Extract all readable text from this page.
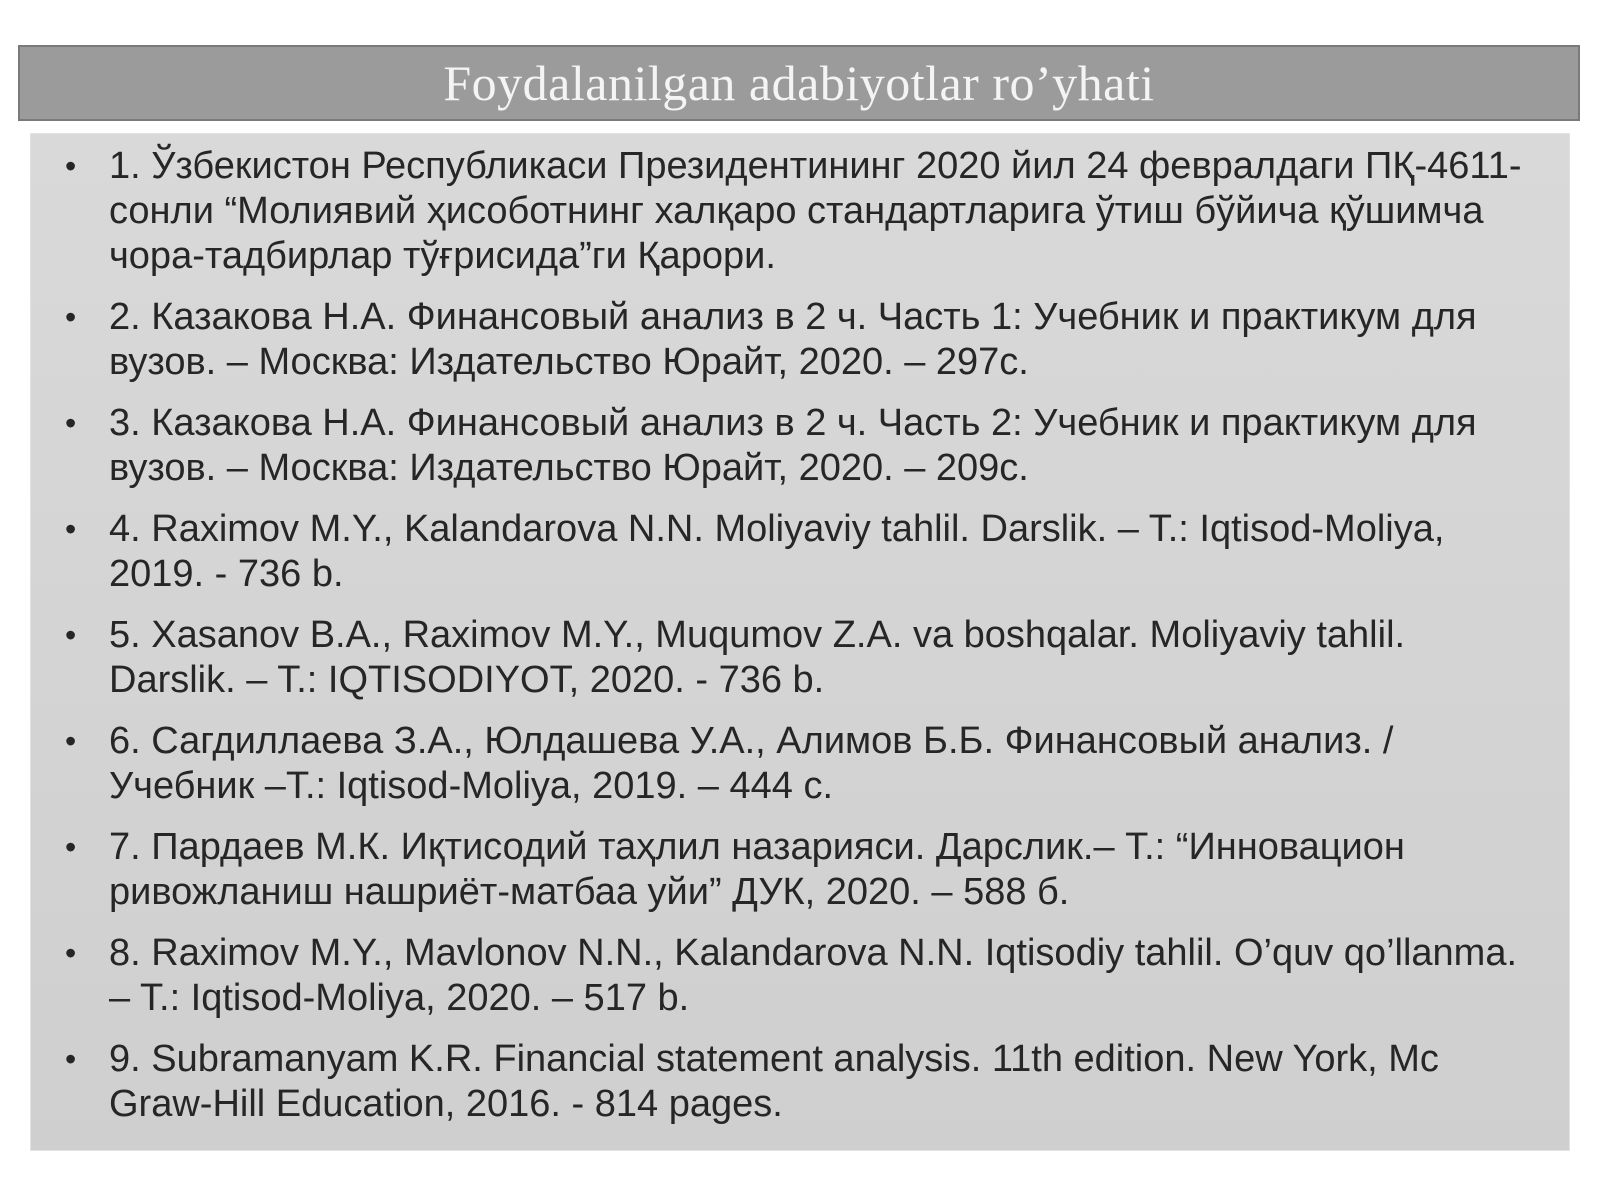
Foydalanilgan adabiyotlar ro’yhati
• 1. Ўзбекистон Республикаси Президентининг 2020 йил 24 февралдаги ПҚ-4611-сонли “Молиявий ҳисоботнинг халқаро стандартларига ўтиш бўйича қўшимча чора-тадбирлар тўғрисида”ги Қарори.
• 2. Казакова Н.А. Финансовый анализ в 2 ч. Часть 1: Учебник и практикум для вузов. – Москва: Издательство Юрайт, 2020. – 297с.
• 3. Казакова Н.А. Финансовый анализ в 2 ч. Часть 2: Учебник и практикум для вузов. – Москва: Издательство Юрайт, 2020. – 209с.
• 4. Raximov M.Y., Kalandarova N.N. Moliyaviy tahlil. Darslik. – T.: Iqtisod-Moliya, 2019. - 736 b.
• 5. Xasanov B.A., Raximov M.Y., Muqumov Z.A. va boshqalar. Moliyaviy tahlil. Darslik. – T.: IQTISODIYOT, 2020. - 736 b.
• 6. Сагдиллаева З.А., Юлдашева У.А., Алимов Б.Б. Финансовый анализ. / Учебник –Т.: Iqtisod-Moliya, 2019. – 444 с.
• 7. Пардаев М.К. Иқтисодий таҳлил назарияси. Дарслик.– Т.: “Инновацион ривожланиш нашриёт-матбаа уйи” ДУК, 2020. – 588 б.
• 8. Raximov M.Y., Mavlonov N.N., Kalandarova N.N. Iqtisodiy tahlil. O’quv qo’llanma. – T.: Iqtisod-Moliya, 2020. – 517 b.
• 9. Subramanyam K.R. Financial statement analysis. 11th edition. New York, Mc Graw-Hill Education, 2016. - 814 pages.
